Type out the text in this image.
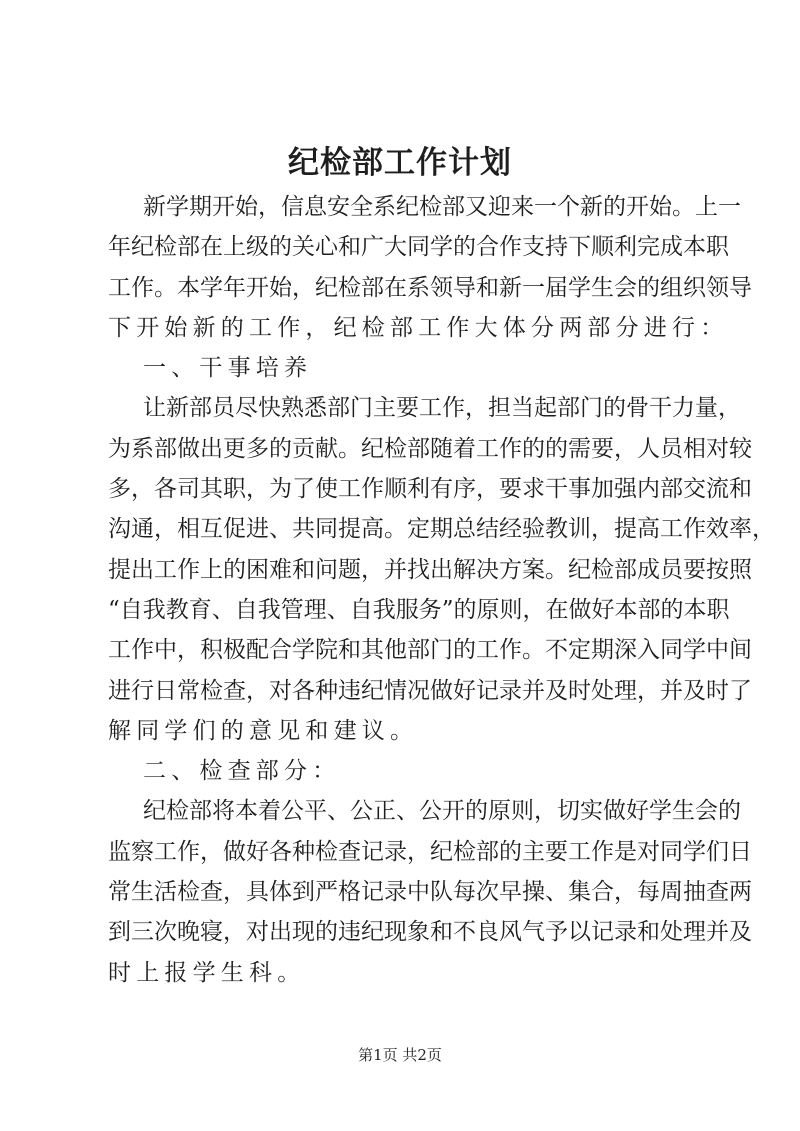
纪检部工作计划
新学期开始，信息安全系纪检部又迎来一个新的开始。上一
年纪检部在上级的关心和广大同学的合作支持下顺利完成本职
工作。本学年开始，纪检部在系领导和新一届学生会的组织领导
下开始新的工作，纪检部工作大体分两部分进行：
一、干事培养
让新部员尽快熟悉部门主要工作，担当起部门的骨干力量，
为系部做出更多的贡献。纪检部随着工作的的需要，人员相对较
多，各司其职，为了使工作顺利有序，要求干事加强内部交流和
沟通，相互促进、共同提高。定期总结经验教训，提高工作效率，
提出工作上的困难和问题，并找出解决方案。纪检部成员要按照
“自我教育、自我管理、自我服务”的原则，在做好本部的本职
工作中，积极配合学院和其他部门的工作。不定期深入同学中间
进行日常检查，对各种违纪情况做好记录并及时处理，并及时了
解同学们的意见和建议。
二、检查部分：
纪检部将本着公平、公正、公开的原则，切实做好学生会的
监察工作，做好各种检查记录，纪检部的主要工作是对同学们日
常生活检查，具体到严格记录中队每次早操、集合，每周抽查两
到三次晚寝，对出现的违纪现象和不良风气予以记录和处理并及
时上报学生科。
第1页 共2页
